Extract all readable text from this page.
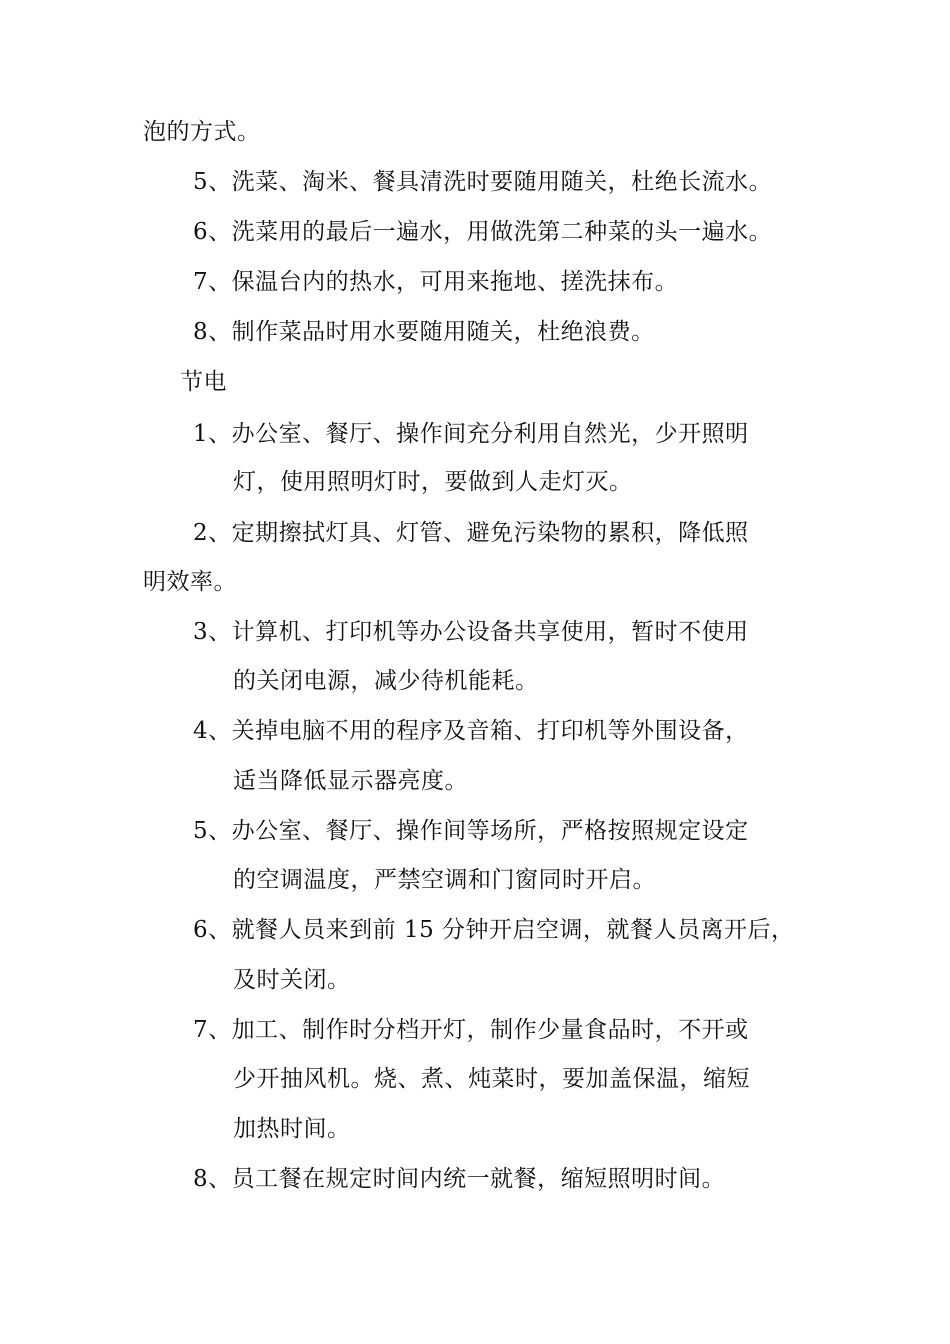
泡的方式。
5、洗菜、淘米、餐具清洗时要随用随关，杜绝长流水。
6、洗菜用的最后一遍水，用做洗第二种菜的头一遍水。
7、保温台内的热水，可用来拖地、搓洗抹布。
8、制作菜品时用水要随用随关，杜绝浪费。
节电
1、办公室、餐厅、操作间充分利用自然光，少开照明
灯，使用照明灯时，要做到人走灯灭。
2、定期擦拭灯具、灯管、避免污染物的累积，降低照
明效率。
3、计算机、打印机等办公设备共享使用，暂时不使用
的关闭电源，减少待机能耗。
4、关掉电脑不用的程序及音箱、打印机等外围设备，
适当降低显示器亮度。
5、办公室、餐厅、操作间等场所，严格按照规定设定
的空调温度，严禁空调和门窗同时开启。
6、就餐人员来到前 15 分钟开启空调，就餐人员离开后，
及时关闭。
7、加工、制作时分档开灯，制作少量食品时，不开或
少开抽风机。烧、煮、炖菜时，要加盖保温，缩短
加热时间。
8、员工餐在规定时间内统一就餐，缩短照明时间。
